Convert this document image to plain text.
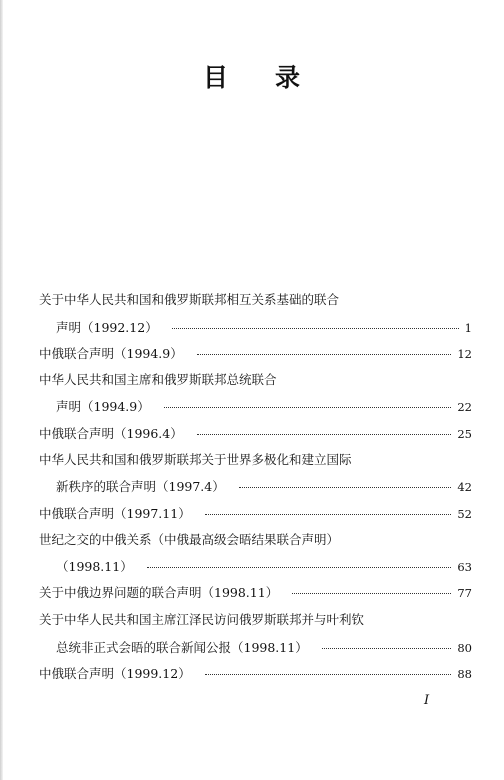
目 录
关于中华人民共和国和俄罗斯联邦相互关系基础的联合
声明（1992.12）	1
中俄联合声明（1994.9）	12
中华人民共和国主席和俄罗斯联邦总统联合
声明（1994.9）	22
中俄联合声明（1996.4）	25
中华人民共和国和俄罗斯联邦关于世界多极化和建立国际
新秩序的联合声明（1997.4）	42
中俄联合声明（1997.11）	52
世纪之交的中俄关系（中俄最高级会晤结果联合声明）
（1998.11）	63
关于中俄边界问题的联合声明（1998.11）	77
关于中华人民共和国主席江泽民访问俄罗斯联邦并与叶利钦
总统非正式会晤的联合新闻公报（1998.11）	80
中俄联合声明（1999.12）	88
I
